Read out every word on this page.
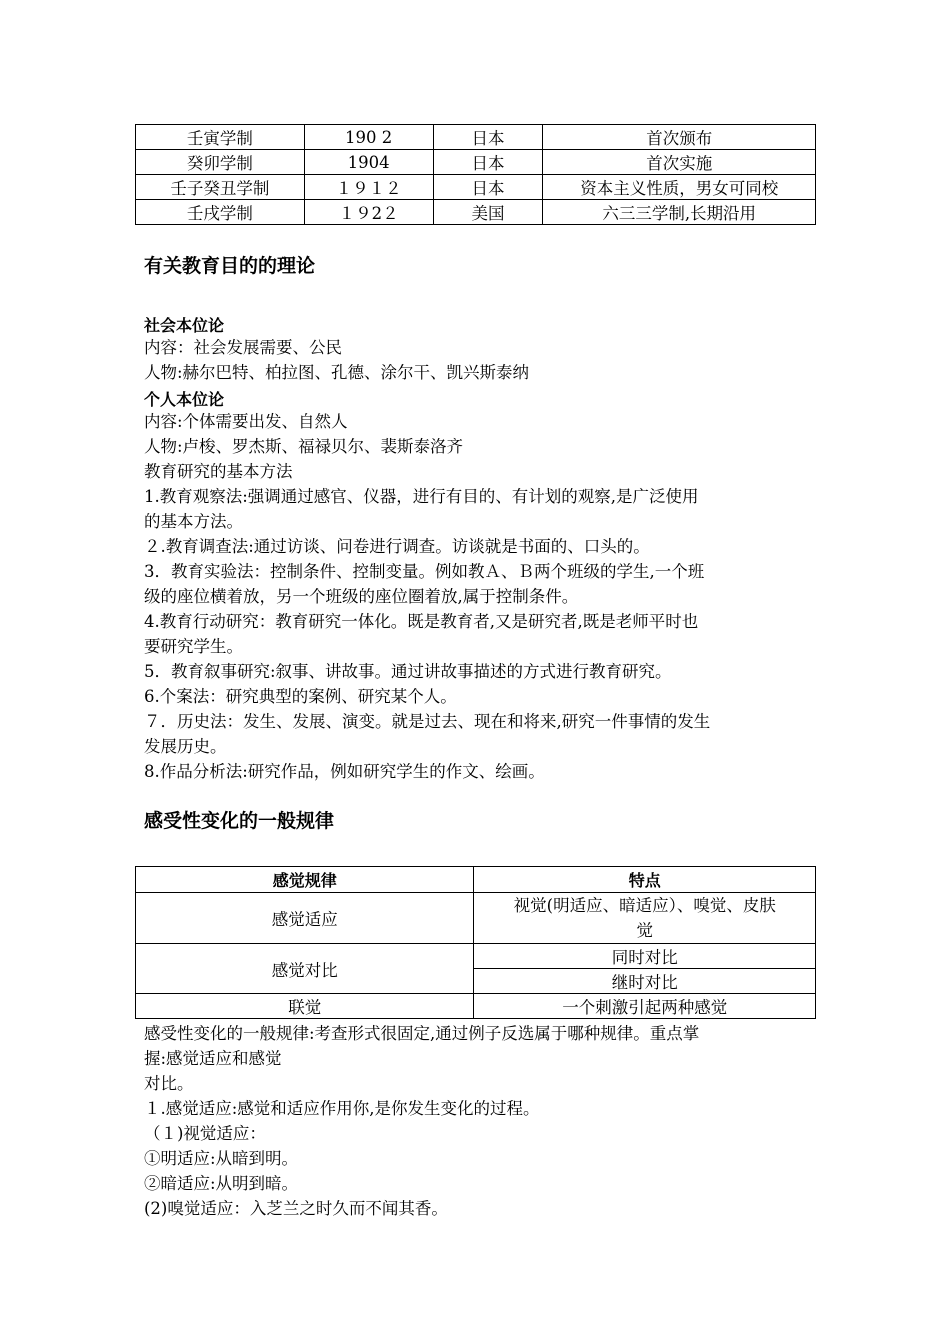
壬寅学制	190 2	日本	首次颁布
癸卯学制	1904	日本	首次实施
壬子癸丑学制	１９１２	日本	资本主义性质，男女可同校
壬戌学制	１９2２	美国	六三三学制,长期沿用
有关教育目的的理论
社会本位论
内容：社会发展需要、公民
人物:赫尔巴特、柏拉图、孔德、涂尔干、凯兴斯泰纳
个人本位论
内容:个体需要出发、自然人
人物:卢梭、罗杰斯、福禄贝尔、裴斯泰洛齐
教育研究的基本方法
1.教育观察法:强调通过感官、仪器，进行有目的、有计划的观察,是广泛使用
的基本方法。
２.教育调查法:通过访谈、问卷进行调查。访谈就是书面的、口头的。
3．教育实验法：控制条件、控制变量。例如教Ａ、Ｂ两个班级的学生,一个班
级的座位横着放，另一个班级的座位圈着放,属于控制条件。
4.教育行动研究：教育研究一体化。既是教育者,又是研究者,既是老师平时也
要研究学生。
5．教育叙事研究:叙事、讲故事。通过讲故事描述的方式进行教育研究。
6.个案法：研究典型的案例、研究某个人。
７．历史法：发生、发展、演变。就是过去、现在和将来,研究一件事情的发生
发展历史。
8.作品分析法:研究作品，例如研究学生的作文、绘画。
感受性变化的一般规律
感觉规律	特点
感觉适应	视觉(明适应、暗适应）、嗅觉、皮肤
觉

感觉对比	同时对比
	继时对比
联觉	一个刺激引起两种感觉
感受性变化的一般规律:考查形式很固定,通过例子反选属于哪种规律。重点掌
握:感觉适应和感觉
对比。
１.感觉适应:感觉和适应作用你,是你发生变化的过程。
（１)视觉适应：
①明适应:从暗到明。
②暗适应:从明到暗。
(2)嗅觉适应：入芝兰之时久而不闻其香。
